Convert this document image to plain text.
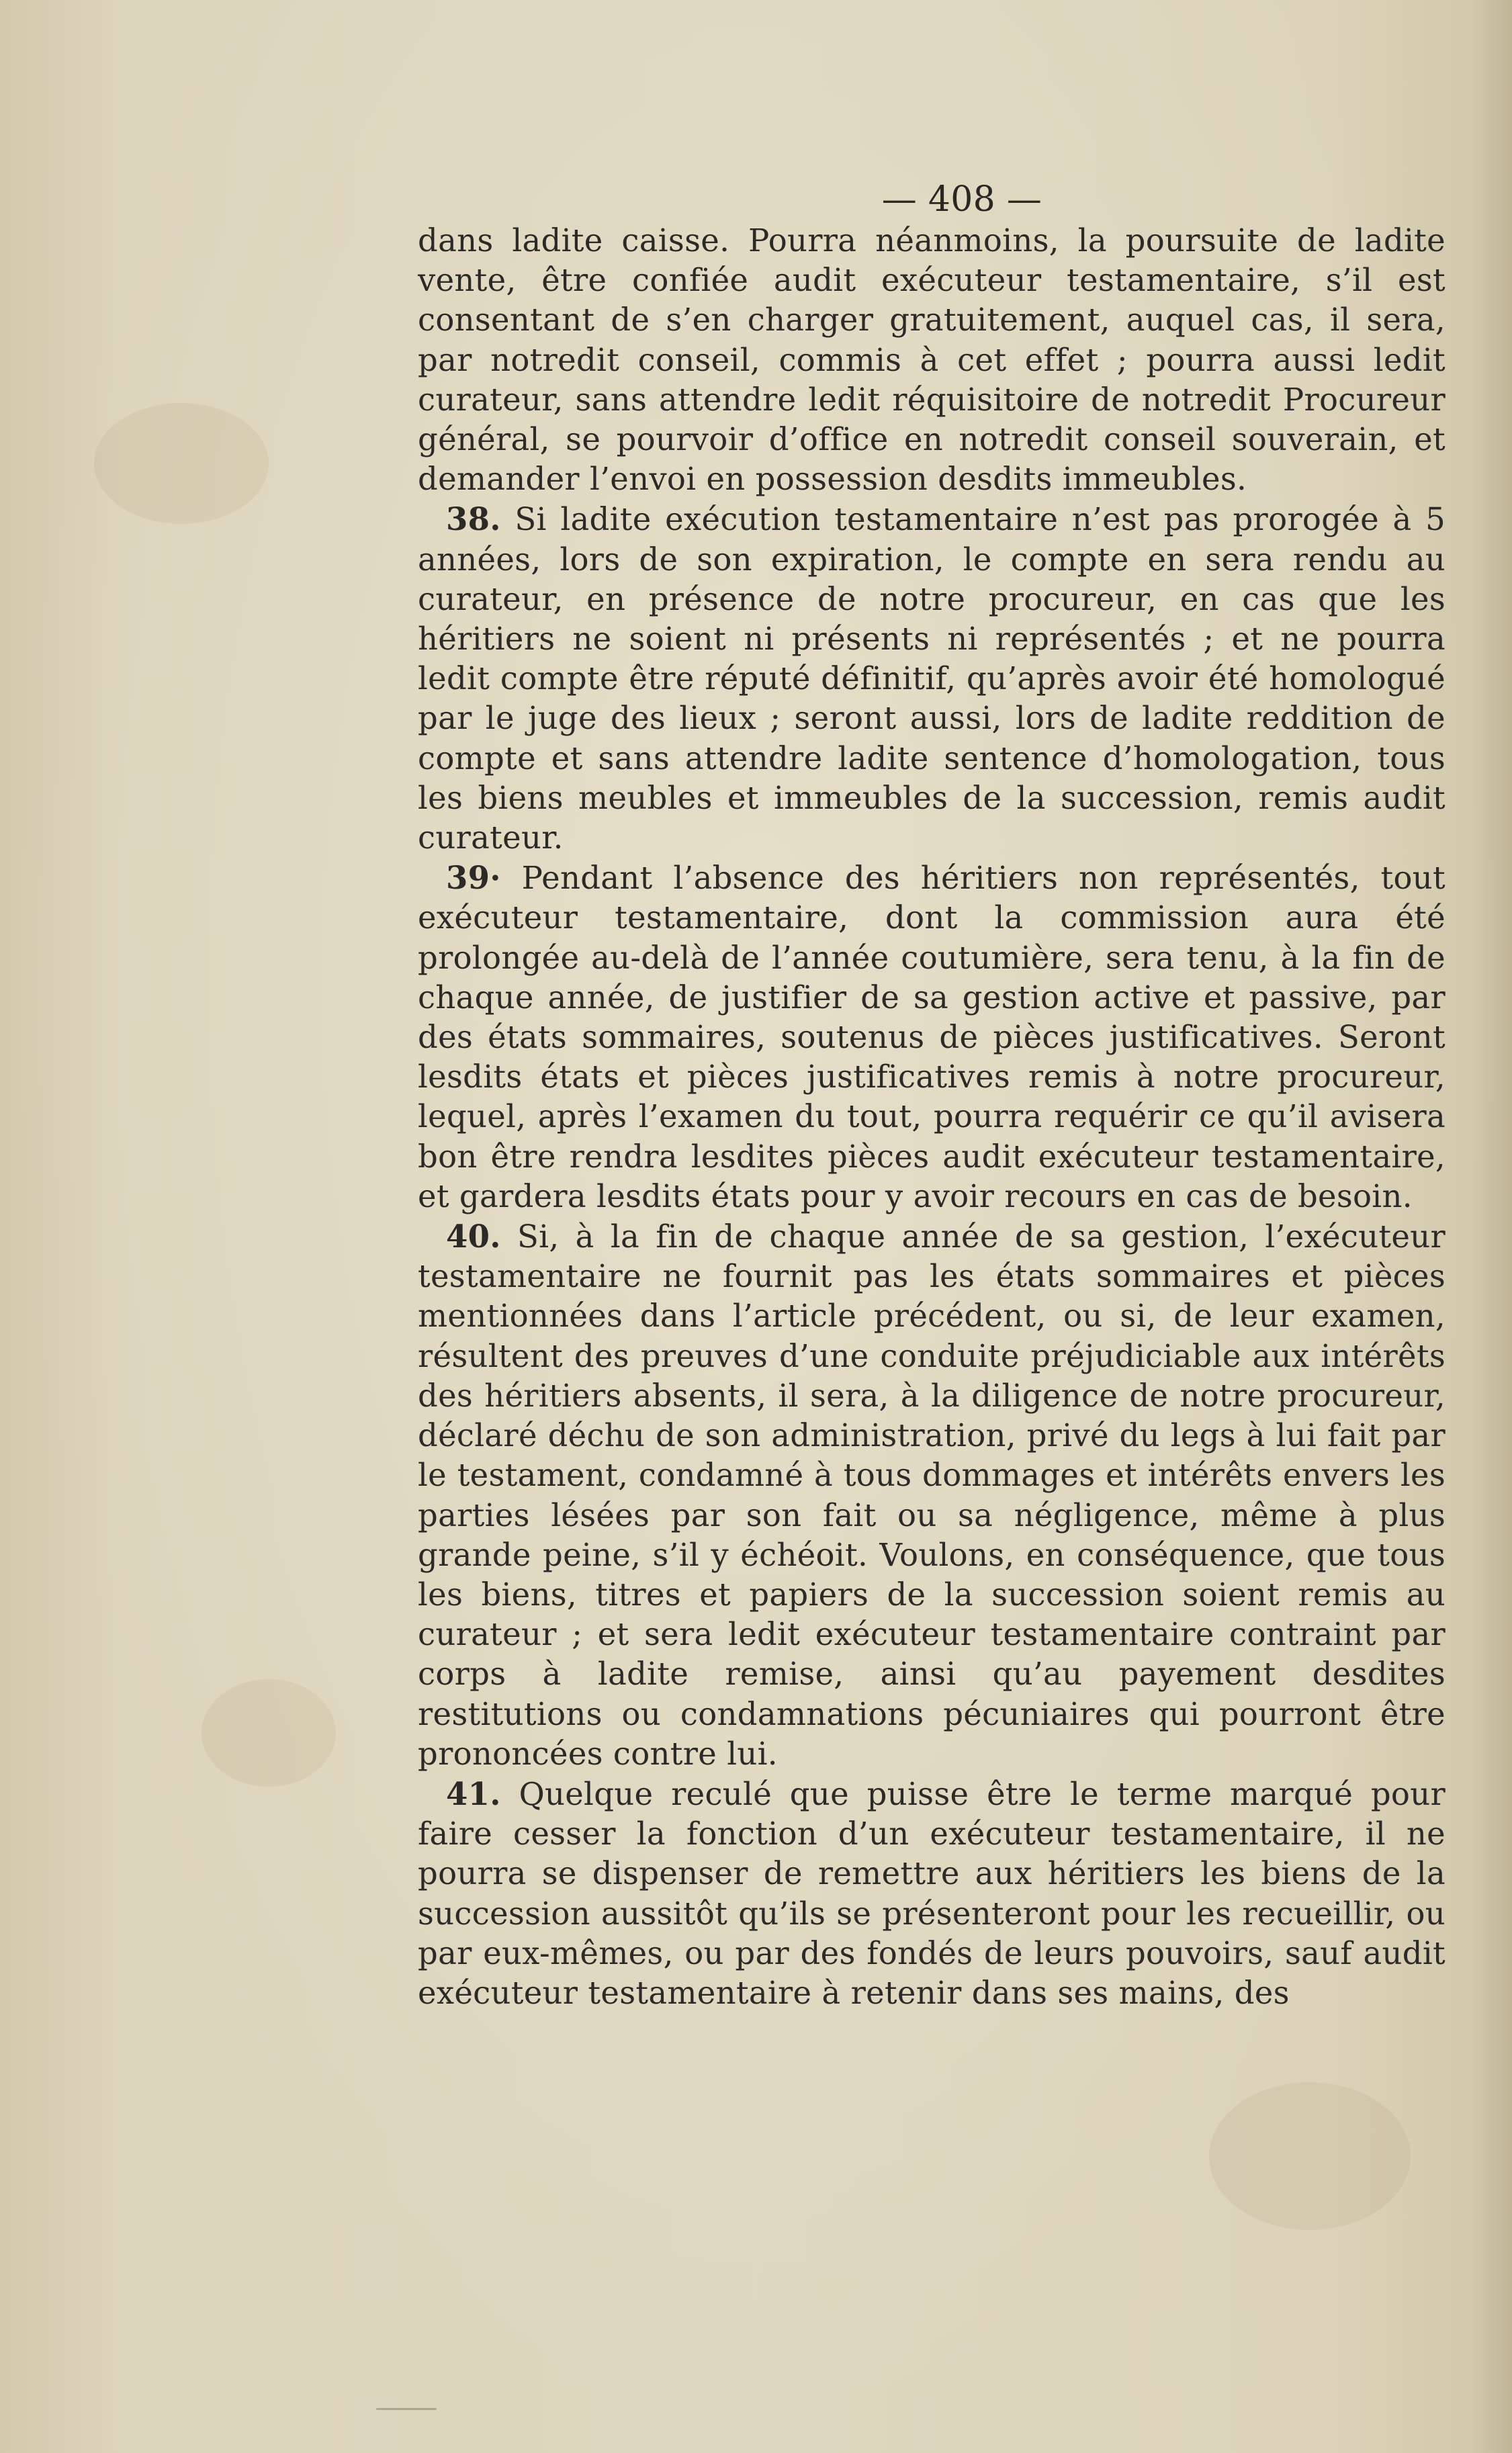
— 408 —

dans ladite caisse. Pourra néanmoins, la poursuite de ladite vente, être confiée audit exécuteur testamentaire, s’il est consentant de s’en charger gratuitement, auquel cas, il sera, par notredit conseil, commis à cet effet ; pourra aussi ledit curateur, sans attendre ledit réquisitoire de notredit Procureur général, se pourvoir d’office en notredit conseil souverain, et demander l’envoi en possession desdits immeubles.

38. Si ladite exécution testamentaire n’est pas prorogée à 5 années, lors de son expiration, le compte en sera rendu au curateur, en présence de notre procureur, en cas que les héritiers ne soient ni présents ni représentés ; et ne pourra ledit compte être réputé définitif, qu’après avoir été homologué par le juge des lieux ; seront aussi, lors de ladite reddition de compte et sans attendre ladite sentence d’homologation, tous les biens meubles et immeubles de la succession, remis audit curateur.

39· Pendant l’absence des héritiers non représentés, tout exécuteur testamentaire, dont la commission aura été prolongée au-delà de l’année coutumière, sera tenu, à la fin de chaque année, de justifier de sa gestion active et passive, par des états sommaires, soutenus de pièces justificatives. Seront lesdits états et pièces justificatives remis à notre procureur, lequel, après l’examen du tout, pourra requérir ce qu’il avisera bon être rendra lesdites pièces audit exécuteur testamentaire, et gardera lesdits états pour y avoir recours en cas de besoin.

40. Si, à la fin de chaque année de sa gestion, l’exécuteur testamentaire ne fournit pas les états sommaires et pièces mentionnées dans l’article précédent, ou si, de leur examen, résultent des preuves d’une conduite préjudiciable aux intérêts des héritiers absents, il sera, à la diligence de notre procureur, déclaré déchu de son administration, privé du legs à lui fait par le testament, condamné à tous dommages et intérêts envers les parties lésées par son fait ou sa négligence, même à plus grande peine, s’il y échéoit. Voulons, en conséquence, que tous les biens, titres et papiers de la succession soient remis au curateur ; et sera ledit exécuteur testamentaire contraint par corps à ladite remise, ainsi qu’au payement desdites restitutions ou condamnations pécuniaires qui pourront être prononcées contre lui.

41. Quelque reculé que puisse être le terme marqué pour faire cesser la fonction d’un exécuteur testamentaire, il ne pourra se dispenser de remettre aux héritiers les biens de la succession aussitôt qu’ils se présenteront pour les recueillir, ou par eux-mêmes, ou par des fondés de leurs pouvoirs, sauf audit exécuteur testamentaire à retenir dans ses mains, des
